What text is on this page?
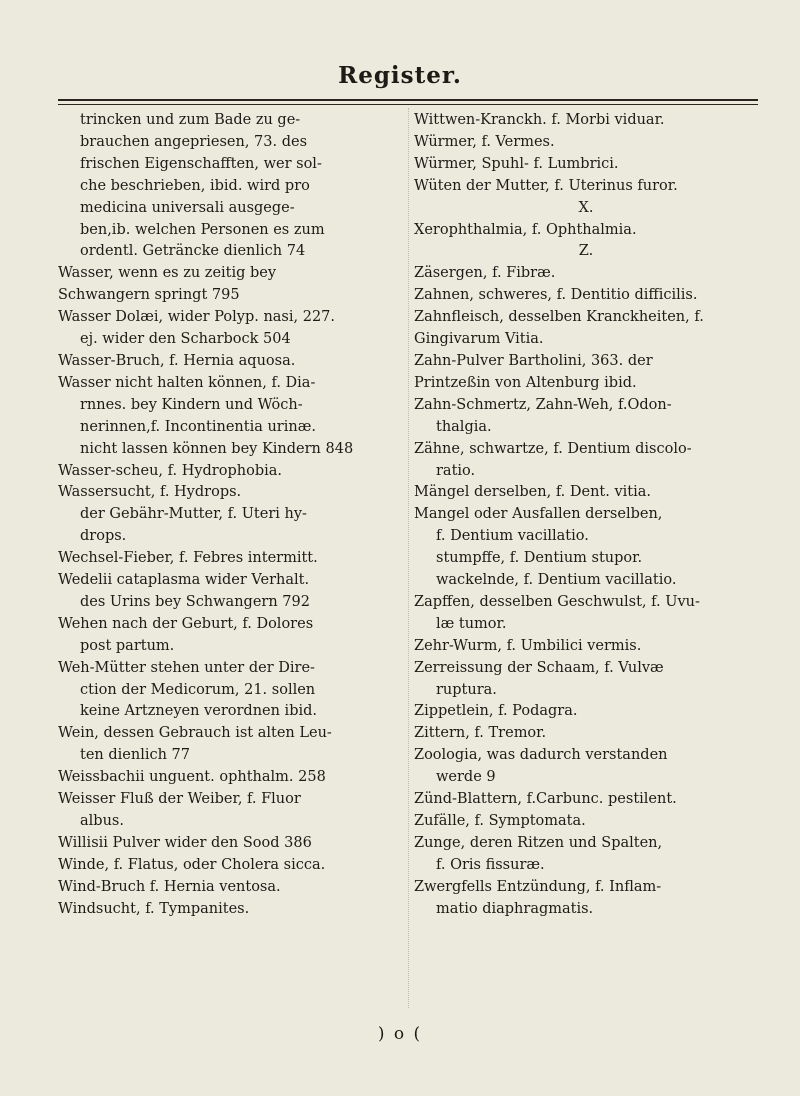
Register.
trincken und zum Bade zu ge-
brauchen angepriesen, 73. des
frischen Eigenschafften, wer sol-
che beschrieben, ibid. wird pro
medicina universali ausgege-
ben,ib. welchen Personen es zum
ordentl. Geträncke dienlich 74
Wasser, wenn es zu zeitig bey
Schwangern springt 795
Wasser Dolæi, wider Polyp. nasi, 227.
ej. wider den Scharbock 504
Wasser-Bruch, f. Hernia aquosa.
Wasser nicht halten können, f. Dia-
rnnes. bey Kindern und Wöch-
nerinnen,f. Incontinentia urinæ.
nicht lassen können bey Kindern 848
Wasser-scheu, f. Hydrophobia.
Wassersucht, f. Hydrops.
der Gebähr-Mutter, f. Uteri hy-
drops.
Wechsel-Fieber, f. Febres intermitt.
Wedelii cataplasma wider Verhalt.
des Urins bey Schwangern 792
Wehen nach der Geburt, f. Dolores
post partum.
Weh-Mütter stehen unter der Dire-
ction der Medicorum, 21. sollen
keine Artzneyen verordnen ibid.
Wein, dessen Gebrauch ist alten Leu-
ten dienlich 77
Weissbachii unguent. ophthalm. 258
Weisser Fluß der Weiber, f. Fluor
albus.
Willisii Pulver wider den Sood 386
Winde, f. Flatus, oder Cholera sicca.
Wind-Bruch f. Hernia ventosa.
Windsucht, f. Tympanites.
Wittwen-Kranckh. f. Morbi viduar.
Würmer, f. Vermes.
Würmer, Spuhl- f. Lumbrici.
Wüten der Mutter, f. Uterinus furor.
X.
Xerophthalmia, f. Ophthalmia.
Z.
Zäsergen, f. Fibræ.
Zahnen, schweres, f. Dentitio difficilis.
Zahnfleisch, desselben Kranckheiten, f.
Gingivarum Vitia.
Zahn-Pulver Bartholini, 363. der
Printzeßin von Altenburg ibid.
Zahn-Schmertz, Zahn-Weh, f.Odon-
thalgia.
Zähne, schwartze, f. Dentium discolo-
ratio.
Mängel derselben, f. Dent. vitia.
Mangel oder Ausfallen derselben,
f. Dentium vacillatio.
stumpffe, f. Dentium stupor.
wackelnde, f. Dentium vacillatio.
Zapffen, desselben Geschwulst, f. Uvu-
læ tumor.
Zehr-Wurm, f. Umbilici vermis.
Zerreissung der Schaam, f. Vulvæ
ruptura.
Zippetlein, f. Podagra.
Zittern, f. Tremor.
Zoologia, was dadurch verstanden
werde 9
Zünd-Blattern, f.Carbunc. pestilent.
Zufälle, f. Symptomata.
Zunge, deren Ritzen und Spalten,
f. Oris fissuræ.
Zwergfells Entzündung, f. Inflam-
matio diaphragmatis.
) o (
